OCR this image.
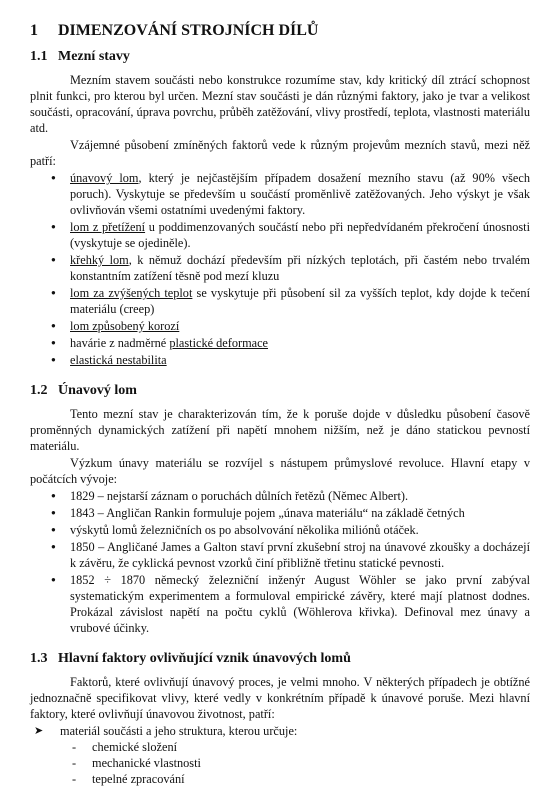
1	DIMENZOVÁNÍ STROJNÍCH DÍLŮ
1.1 Mezní stavy

Mezním stavem součásti nebo konstrukce rozumíme stav, kdy kritický díl ztrácí schopnost plnit funkci, pro kterou byl určen. Mezní stav součásti je dán různými faktory, jako je tvar a velikost součásti, opracování, úprava povrchu, průběh zatěžování, vlivy prostředí, teplota, vlastnosti materiálu atd.

Vzájemné působení zmíněných faktorů vede k různým projevům mezních stavů, mezi něž patří:

● únavový lom, který je nejčastějším případem dosažení mezního stavu (až 90% všech poruch). Vyskytuje se především u součástí proměnlivě zatěžovaných. Jeho výskyt je však ovlivňován všemi ostatními uvedenými faktory.
● lom z přetížení u poddimenzovaných součástí nebo při nepředvídaném překročení únosnosti (vyskytuje se ojediněle).
● křehký lom, k němuž dochází především při nízkých teplotách, při častém nebo trvalém konstantním zatížení těsně pod mezí kluzu
● lom za zvýšených teplot se vyskytuje při působení sil za vyšších teplot, kdy dojde k tečení materiálu (creep)
● lom způsobený korozí
● havárie z nadměrné plastické deformace
● elastická nestabilita
1.2 Únavový lom

Tento mezní stav je charakterizován tím, že k poruše dojde v důsledku působení časově proměnných dynamických zatížení při napětí mnohem nižším, než je dáno statickou pevností materiálu.

Výzkum únavy materiálu se rozvíjel s nástupem průmyslové revoluce. Hlavní etapy v počátcích vývoje:

● 1829 – nejstarší záznam o poruchách důlních řetězů (Němec Albert).
● 1843 – Angličan Rankin formuluje pojem „únava materiálu“ na základě četných
● výskytů lomů železničních os po absolvování několika miliónů otáček.
● 1850 – Angličané James a Galton staví první zkušební stroj na únavové zkoušky a docházejí k závěru, že cyklická pevnost vzorků činí přibližně třetinu statické pevnosti.
● 1852 ÷ 1870 německý železniční inženýr August Wöhler se jako první zabýval systematickým experimentem a formuloval empirické závěry, které mají platnost dodnes. Prokázal závislost napětí na počtu cyklů (Wöhlerova křivka). Definoval mez únavy a vrubové účinky.
1.3 Hlavní faktory ovlivňující vznik únavových lomů

Faktorů, které ovlivňují únavový proces, je velmi mnoho. V některých případech je obtížné jednoznačně specifikovat vlivy, které vedly v konkrétním případě k únavové poruše. Mezi hlavní faktory, které ovlivňují únavovou životnost, patří:

➤ materiál součásti a jeho struktura, kterou určuje:
- chemické složení
- mechanické vlastnosti
- tepelné zpracování
